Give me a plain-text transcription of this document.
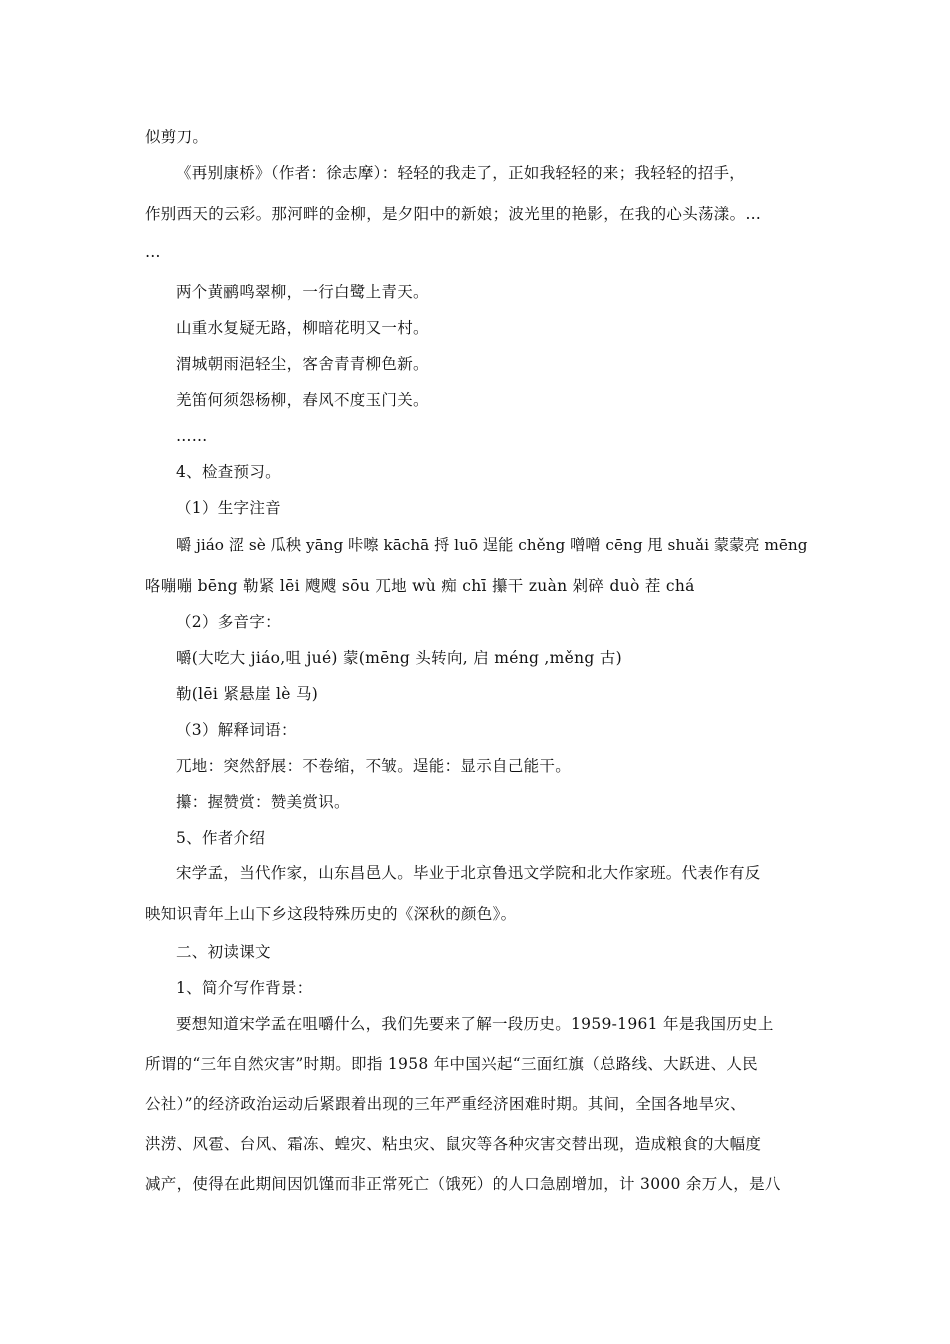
似剪刀。
《再别康桥》（作者：徐志摩）：轻轻的我走了，正如我轻轻的来；我轻轻的招手，
作别西天的云彩。那河畔的金柳，是夕阳中的新娘；波光里的艳影，在我的心头荡漾。…
…
两个黄鹂鸣翠柳，一行白鹭上青天。
山重水复疑无路，柳暗花明又一村。
渭城朝雨浥轻尘，客舍青青柳色新。
羌笛何须怨杨柳，春风不度玉门关。
……
4、检查预习。
（1）生字注音
嚼 jiáo 涩 sè 瓜秧 yāng 咔嚓 kāchā 捋 luō 逞能 chěng 噌噌 cēng 甩 shuǎi 蒙蒙亮 mēng
咯嘣嘣 bēng 勒紧 lēi 飕飕 sōu 兀地 wù 痴 chī 攥干 zuàn 剁碎 duò 茬 chá
（2）多音字：
嚼(大吃大 jiáo,咀 jué) 蒙(mēng 头转向, 启 méng ,měng 古)
勒(lēi 紧悬崖 lè 马)
（3）解释词语：
兀地：突然舒展：不卷缩，不皱。逞能：显示自己能干。
攥：握赞赏：赞美赏识。
5、作者介绍
宋学孟，当代作家，山东昌邑人。毕业于北京鲁迅文学院和北大作家班。代表作有反
映知识青年上山下乡这段特殊历史的《深秋的颜色》。
二、初读课文
1、简介写作背景：
要想知道宋学孟在咀嚼什么，我们先要来了解一段历史。1959-1961 年是我国历史上
所谓的“三年自然灾害”时期。即指 1958 年中国兴起“三面红旗（总路线、大跃进、人民
公社）”的经济政治运动后紧跟着出现的三年严重经济困难时期。其间，全国各地旱灾、
洪涝、风雹、台风、霜冻、蝗灾、粘虫灾、鼠灾等各种灾害交替出现，造成粮食的大幅度
减产，使得在此期间因饥馑而非正常死亡（饿死）的人口急剧增加，计 3000 余万人，是八
